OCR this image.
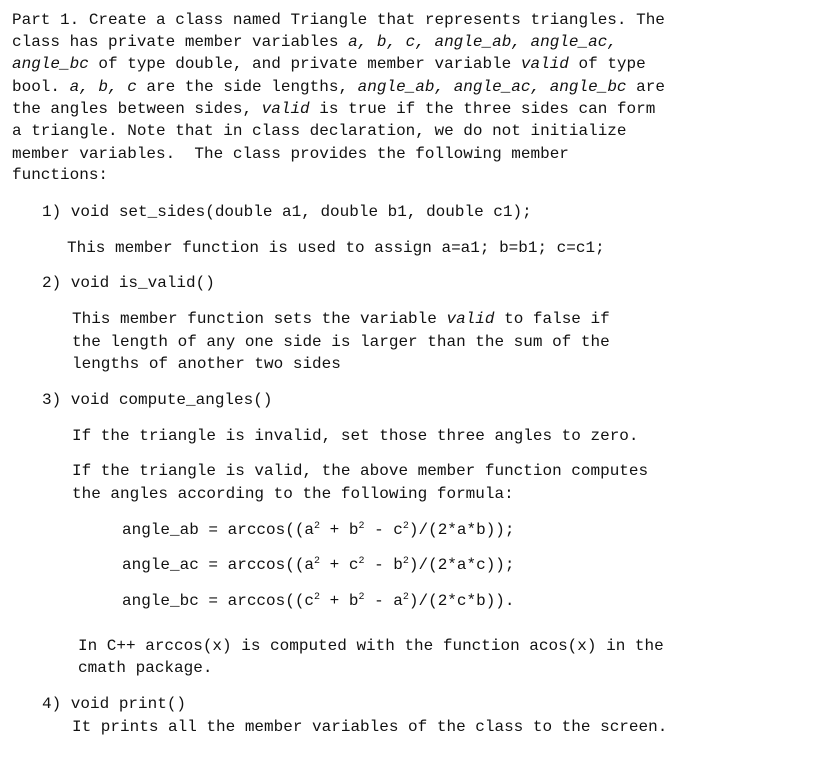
Part 1. Create a class named Triangle that represents triangles. The
class has private member variables a, b, c, angle_ab, angle_ac,
angle_bc of type double, and private member variable valid of type
bool. a, b, c are the side lengths, angle_ab, angle_ac, angle_bc are
the angles between sides, valid is true if the three sides can form
a triangle. Note that in class declaration, we do not initialize
member variables.  The class provides the following member
functions:
1) void set_sides(double a1, double b1, double c1);
This member function is used to assign a=a1; b=b1; c=c1;
2) void is_valid()
This member function sets the variable valid to false if
the length of any one side is larger than the sum of the
lengths of another two sides
3) void compute_angles()
If the triangle is invalid, set those three angles to zero.
If the triangle is valid, the above member function computes
the angles according to the following formula:
angle_ab = $\arccos((a^2 + b^2 - c^2)/(2*a*b))$;
angle_ac = $\arccos((a^2 + c^2 - b^2)/(2*a*c))$;
angle_bc = $\arccos((c^2 + b^2 - a^2)/(2*c*b))$.
In C++ arccos(x) is computed with the function acos(x) in the
cmath package.
4) void print()
It prints all the member variables of the class to the screen.
